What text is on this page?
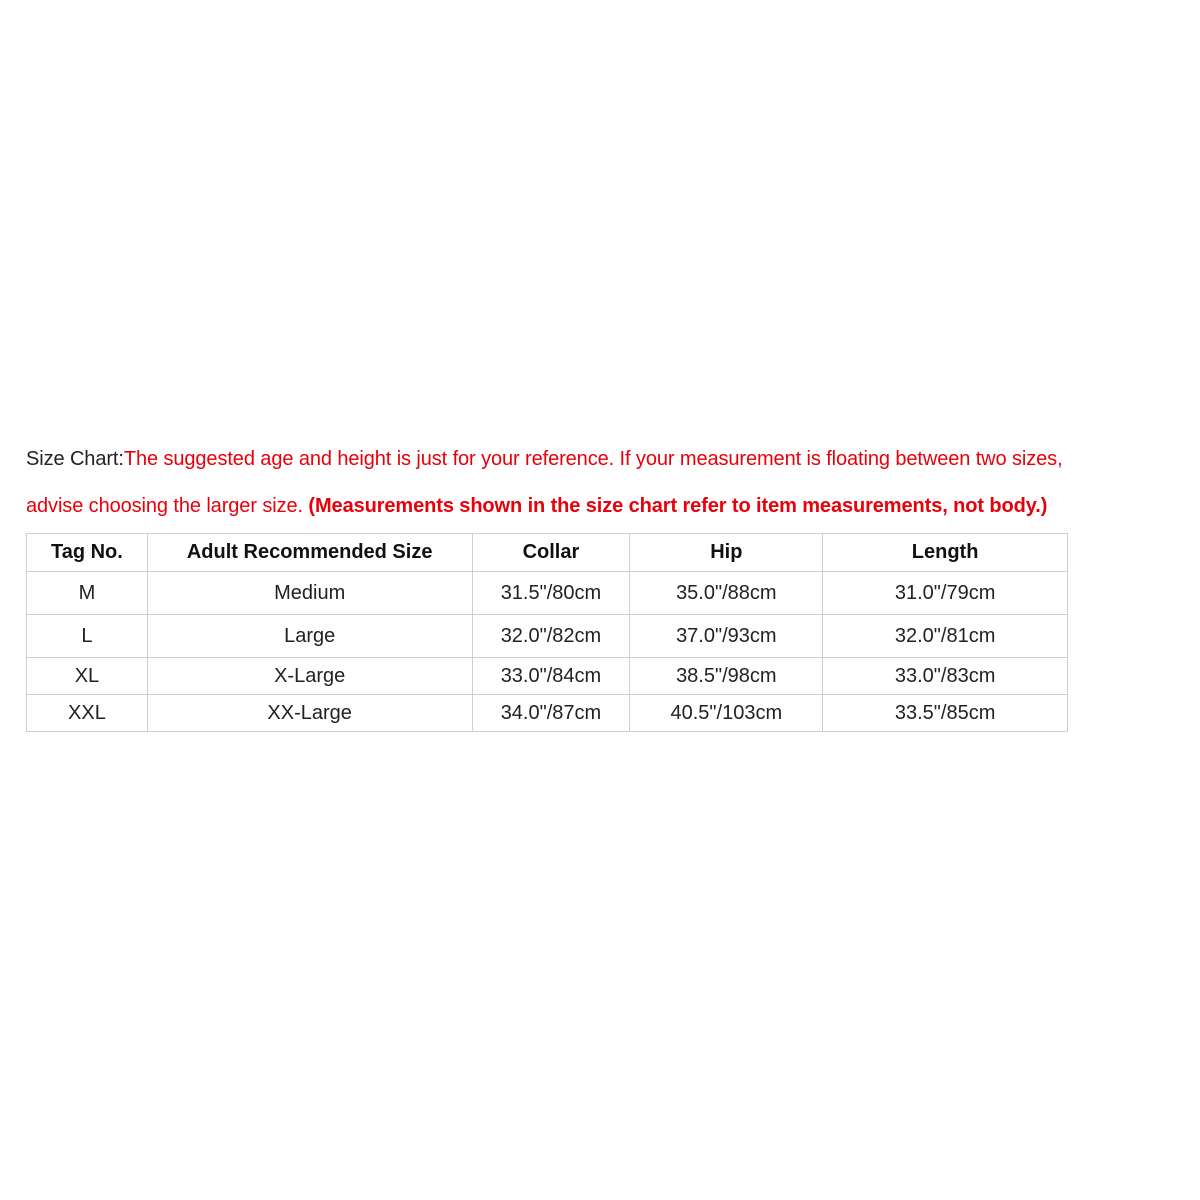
Size Chart:The suggested age and height is just for your reference. If your measurement is floating between two sizes,
advise choosing the larger size. (Measurements shown in the size chart refer to item measurements, not body.)
Tag No.	Adult Recommended Size	Collar	Hip	Length
M	Medium	31.5"/80cm	35.0"/88cm	31.0"/79cm
L	Large	32.0"/82cm	37.0"/93cm	32.0"/81cm
XL	X-Large	33.0"/84cm	38.5"/98cm	33.0"/83cm
XXL	XX-Large	34.0"/87cm	40.5"/103cm	33.5"/85cm
